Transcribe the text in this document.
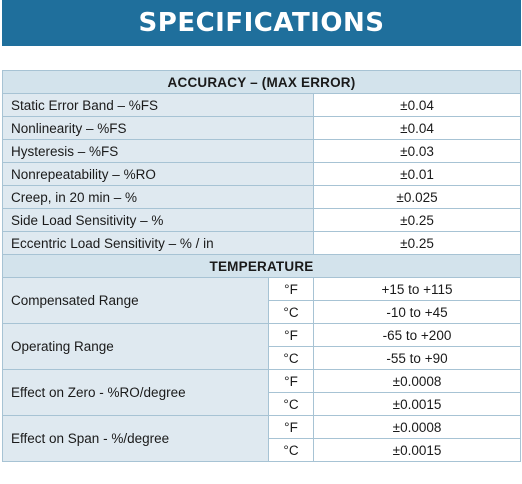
SPECIFICATIONS
ACCURACY – (MAX ERROR)		
Static Error Band – %FS		±0.04
Nonlinearity – %FS		±0.04
Hysteresis – %FS		±0.03
Nonrepeatability – %RO		±0.01
Creep, in 20 min – %		±0.025
Side Load Sensitivity – %		±0.25
Eccentric Load Sensitivity – % / in		±0.25
TEMPERATURE		
Compensated Range	°F	+15 to +115
	°C	-10 to +45
Operating Range	°F	-65 to +200
	°C	-55 to +90
Effect on Zero - %RO/degree	°F	±0.0008
	°C	±0.0015
Effect on Span - %/degree	°F	±0.0008
	°C	±0.0015
